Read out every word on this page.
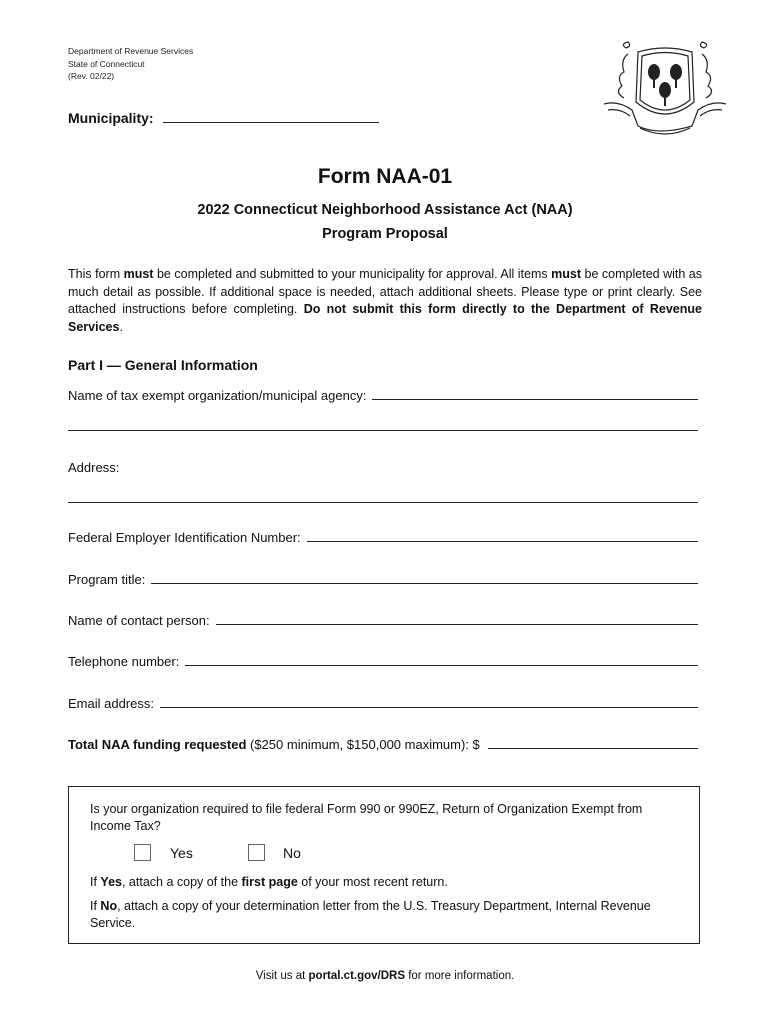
Department of Revenue Services
State of Connecticut
(Rev. 02/22)
Municipality:
Form NAA-01
2022 Connecticut Neighborhood Assistance Act (NAA)
Program Proposal
This form must be completed and submitted to your municipality for approval. All items must be completed with as much detail as possible. If additional space is needed, attach additional sheets. Please type or print clearly. See attached instructions before completing. Do not submit this form directly to the Department of Revenue Services.
Part I — General Information
Name of tax exempt organization/municipal agency:
Address:
Federal Employer Identification Number:
Program title:
Name of contact person:
Telephone number:
Email address:
Total NAA funding requested ($250 minimum, $150,000 maximum): $
Is your organization required to file federal Form 990 or 990EZ, Return of Organization Exempt from Income Tax?
Yes	No
If Yes, attach a copy of the first page of your most recent return.
If No, attach a copy of your determination letter from the U.S. Treasury Department, Internal Revenue Service.
Visit us at portal.ct.gov/DRS for more information.
